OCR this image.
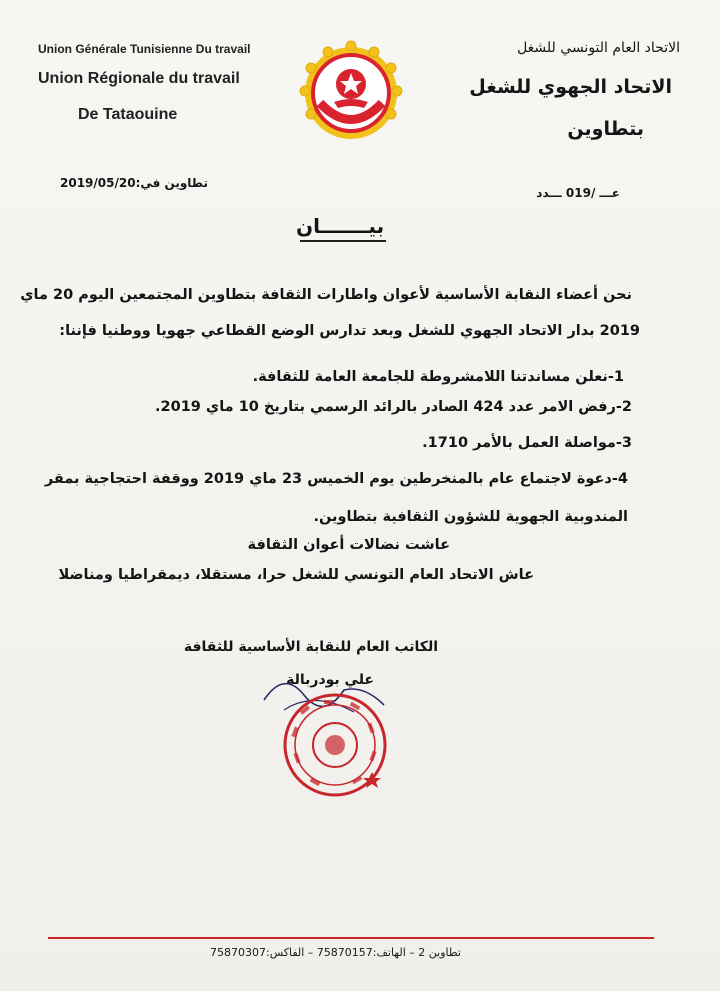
Union Générale Tunisienne Du travail
Union Régionale du travail
De Tataouine
الاتحاد العام التونسي للشغل
الاتحاد الجهوي للشغل
بتطاوين
تطاوين في:2019/05/20
عـــ /019 ـــدد
بيـــــــان
نحن أعضاء النقابة الأساسية لأعوان واطارات الثقافة بتطاوين المجتمعين اليوم 20 ماي
2019 بدار الاتحاد الجهوي للشغل وبعد تدارس الوضع القطاعي جهويا ووطنيا فإننا:
1-نعلن مساندتنا اللامشروطة للجامعة العامة للثقافة.
2-رفض الامر عدد 424 الصادر بالرائد الرسمي بتاريخ 10 ماي 2019.
3-مواصلة العمل بالأمر 1710.
4-دعوة لاجتماع عام بالمنخرطين يوم الخميس 23 ماي 2019 ووقفة احتجاجية بمقر
المندوبية الجهوية للشؤون الثقافية بتطاوين.
عاشت نضالات أعوان الثقافة
عاش الاتحاد العام التونسي للشغل حرا، مستقلا، ديمقراطيا ومناضلا
الكاتب العام للنقابة الأساسية للثقافة
علي بودربالة
تطاوين 2 – الهاتف:75870157 – الفاكس:75870307
